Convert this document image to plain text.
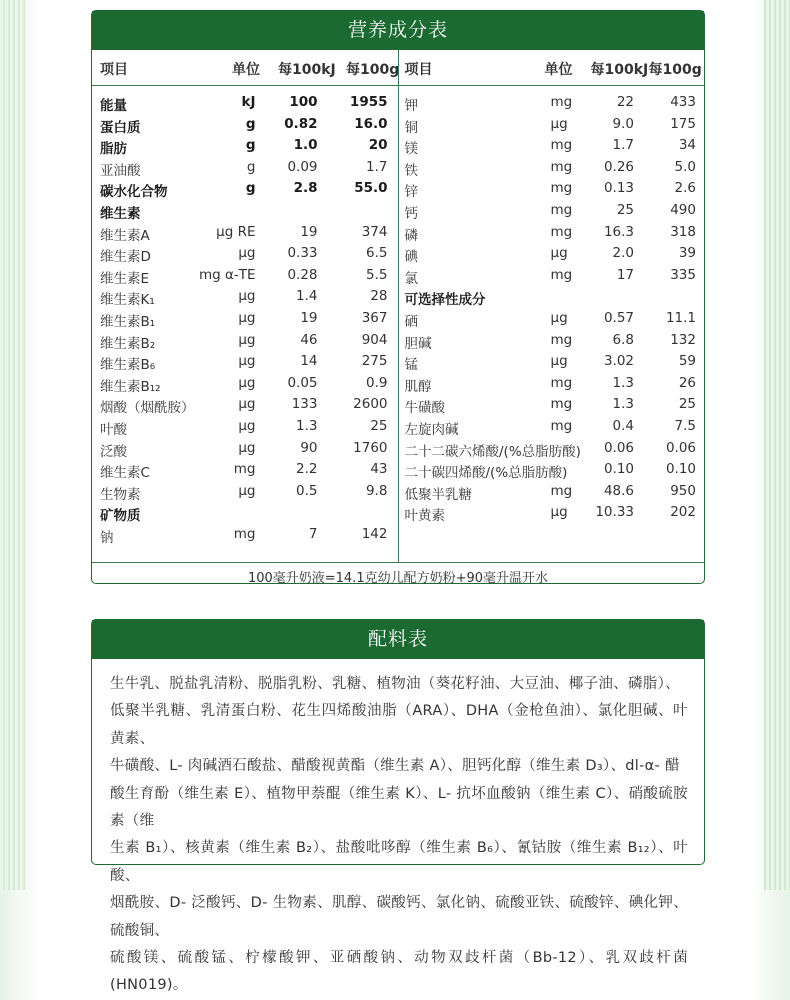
营养成分表
项目	单位 每100kJ 每100g 项目	单位 每100kJ 每100g
能量	kJ	100 1955
蛋白质	g 0.82	16.0
脂肪	g	1.0	20
亚油酸	g 0.09	1.7
碳水化合物	g	2.8	55.0
维生素
维生素A	μg RE	19	374
维生素D	μg 0.33	6.5
维生素E	mg α-TE 0.28	5.5
维生素K₁	μg	1.4	28
维生素B₁	μg	19	367
维生素B₂	μg	46	904
维生素B₆	μg	14	275
维生素B₁₂	μg 0.05	0.9
烟酸（烟酰胺）	μg	133	2600
叶酸	μg	1.3	25
泛酸	μg	90	1760
维生素C	mg	2.2	43
生物素	μg	0.5	9.8
矿物质
钠	mg	7	142
钾	mg	22	433
铜	μg	9.0	175
镁	mg	1.7	34
铁	mg 0.26	5.0
锌	mg 0.13	2.6
钙	mg	25	490
磷	mg 16.3	318
碘	μg	2.0	39
氯	mg	17	335
可选择性成分
硒	μg	0.57 11.1
胆碱	mg	6.8	132
锰	μg	3.02	59
肌醇	mg	1.3	26
牛磺酸	mg	1.3	25
左旋肉碱	mg	0.4	7.5
二十二碳六烯酸/(%总脂肪酸) 0.06 0.06
二十碳四烯酸/(%总脂肪酸)	0.10 0.10
低聚半乳糖	mg 48.6	950
叶黄素	μg 10.33	202
100毫升奶液=14.1克幼儿配方奶粉+90毫升温开水
配料表
生牛乳、脱盐乳清粉、脱脂乳粉、乳糖、植物油（葵花籽油、大豆油、椰子油、磷脂）、
低聚半乳糖、乳清蛋白粉、花生四烯酸油脂（ARA）、DHA（金枪鱼油）、氯化胆碱、叶黄素、
牛磺酸、L- 肉碱酒石酸盐、醋酸视黄酯（维生素 A）、胆钙化醇（维生素 D₃）、dl-α- 醋
酸生育酚（维生素 E）、植物甲萘醌（维生素 K）、L- 抗坏血酸钠（维生素 C）、硝酸硫胺素（维
生素 B₁）、核黄素（维生素 B₂）、盐酸吡哆醇（维生素 B₆）、氰钴胺（维生素 B₁₂）、叶酸、
烟酰胺、D- 泛酸钙、D- 生物素、肌醇、碳酸钙、氯化钠、硫酸亚铁、硫酸锌、碘化钾、硫酸铜、
硫酸镁、硫酸锰、柠檬酸钾、亚硒酸钠、动物双歧杆菌（Bb-12）、乳双歧杆菌 (HN019)。
